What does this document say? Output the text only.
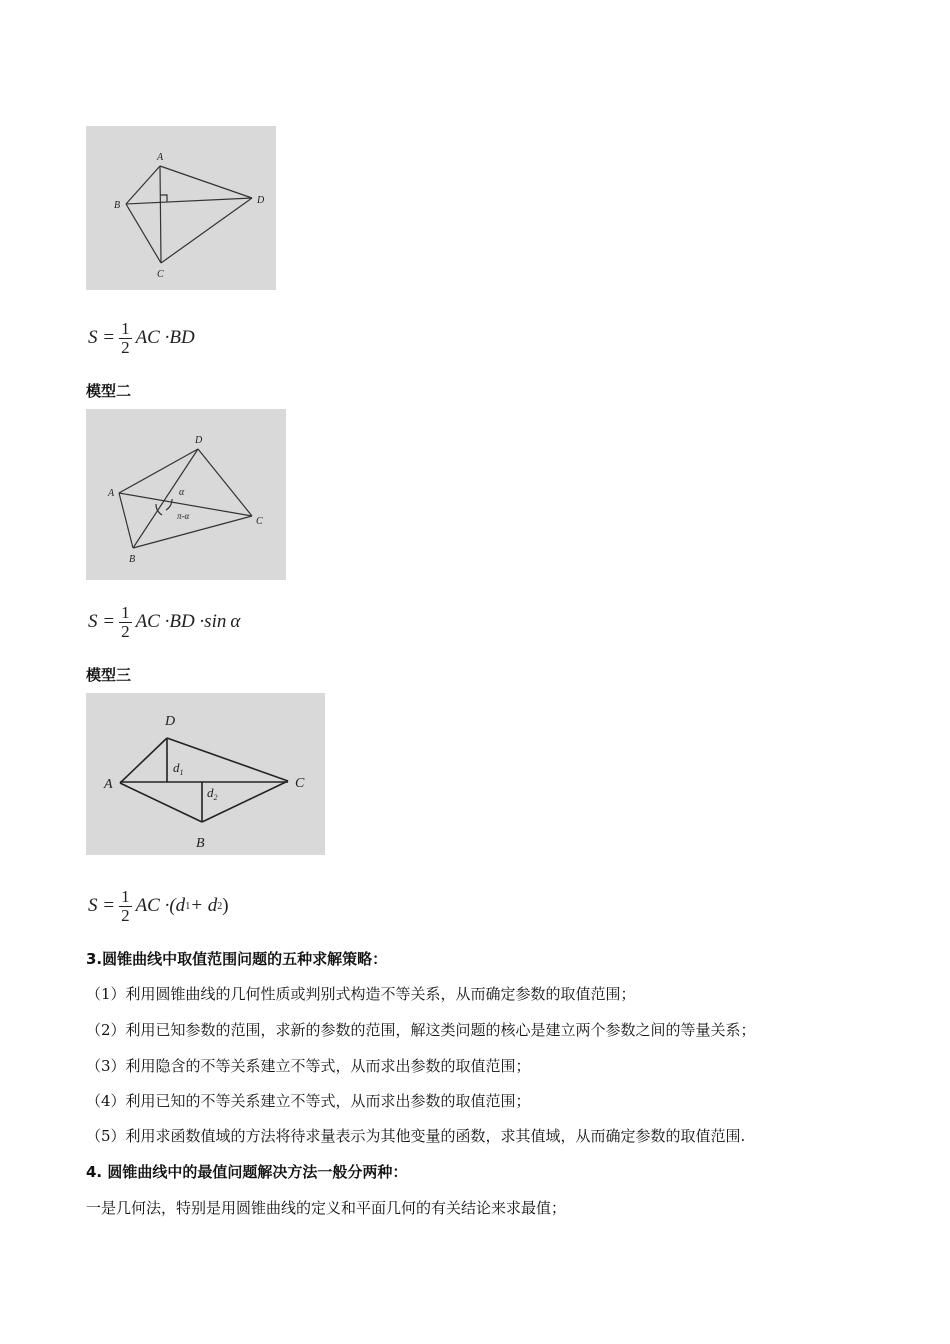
A
B
C
D
$S = \frac{1}{2}$ AC ·BD
模型二
A
B
C
D
α
π-α
$S = \frac{1}{2}$ AC ·BD ·sin α
模型三
A
B
C
D
$d_1$
$d_2$
$S = \frac{1}{2}$ AC ·(d 1 + d 2 )
3.圆锥曲线中取值范围问题的五种求解策略：
（1）利用圆锥曲线的几何性质或判别式构造不等关系，从而确定参数的取值范围；
（2）利用已知参数的范围，求新的参数的范围，解这类问题的核心是建立两个参数之间的等量关系；
（3）利用隐含的不等关系建立不等式，从而求出参数的取值范围；
（4）利用已知的不等关系建立不等式，从而求出参数的取值范围；
（5）利用求函数值域的方法将待求量表示为其他变量的函数，求其值域，从而确定参数的取值范围.
4. 圆锥曲线中的最值问题解决方法一般分两种：
一是几何法，特别是用圆锥曲线的定义和平面几何的有关结论来求最值；
